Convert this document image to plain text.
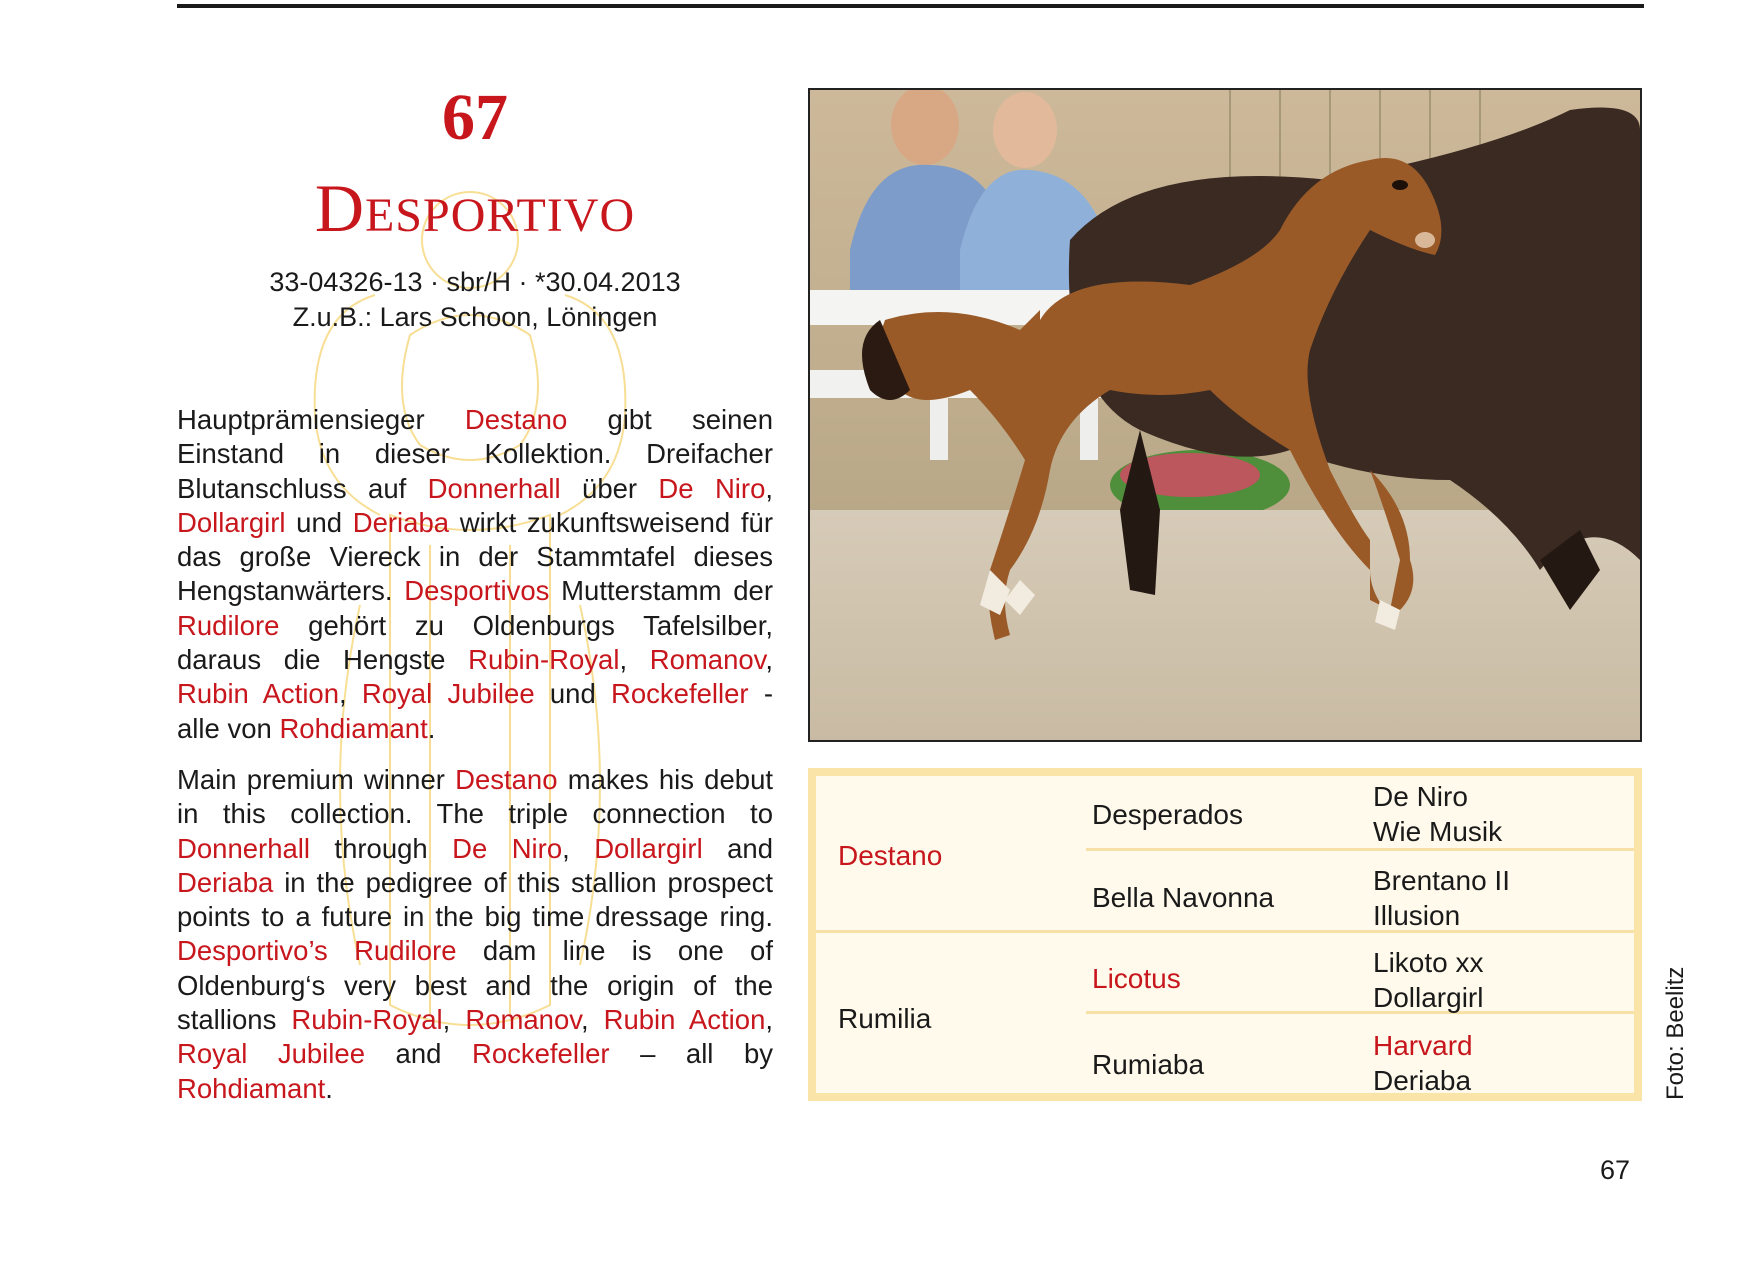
67
Desportivo
33-04326-13 · sbr/H · *30.04.2013
Z.u.B.: Lars Schoon, Löningen
Hauptprämiensieger Destano gibt seinen Einstand in dieser Kollektion. Dreifacher Blutanschluss auf Donnerhall über De Niro, Dollargirl und Deriaba wirkt zukunftsweisend für das große Viereck in der Stammtafel dieses Hengstanwärters. Desportivos Mutterstamm der Rudilore gehört zu Oldenburgs Tafelsilber, daraus die Hengste Rubin-Royal, Romanov, Rubin Action, Royal Jubilee und Rockefeller - alle von Rohdiamant.
Main premium winner Destano makes his debut in this collection. The triple connection to Donnerhall through De Niro, Dollargirl and Deriaba in the pedigree of this stallion prospect points to a future in the big time dressage ring. Desportivo’s Rudilore dam line is one of Oldenburg‘s very best and the origin of the stallions Rubin-Royal, Romanov, Rubin Action, Royal Jubilee and Rockefeller – all by Rohdiamant.
Destano
Rumilia
Desperados
Bella Navonna
Licotus
Rumiaba
De Niro
Wie Musik
Brentano II
Illusion
Likoto xx
Dollargirl
Harvard
Deriaba	Foto: Beelitz
67
